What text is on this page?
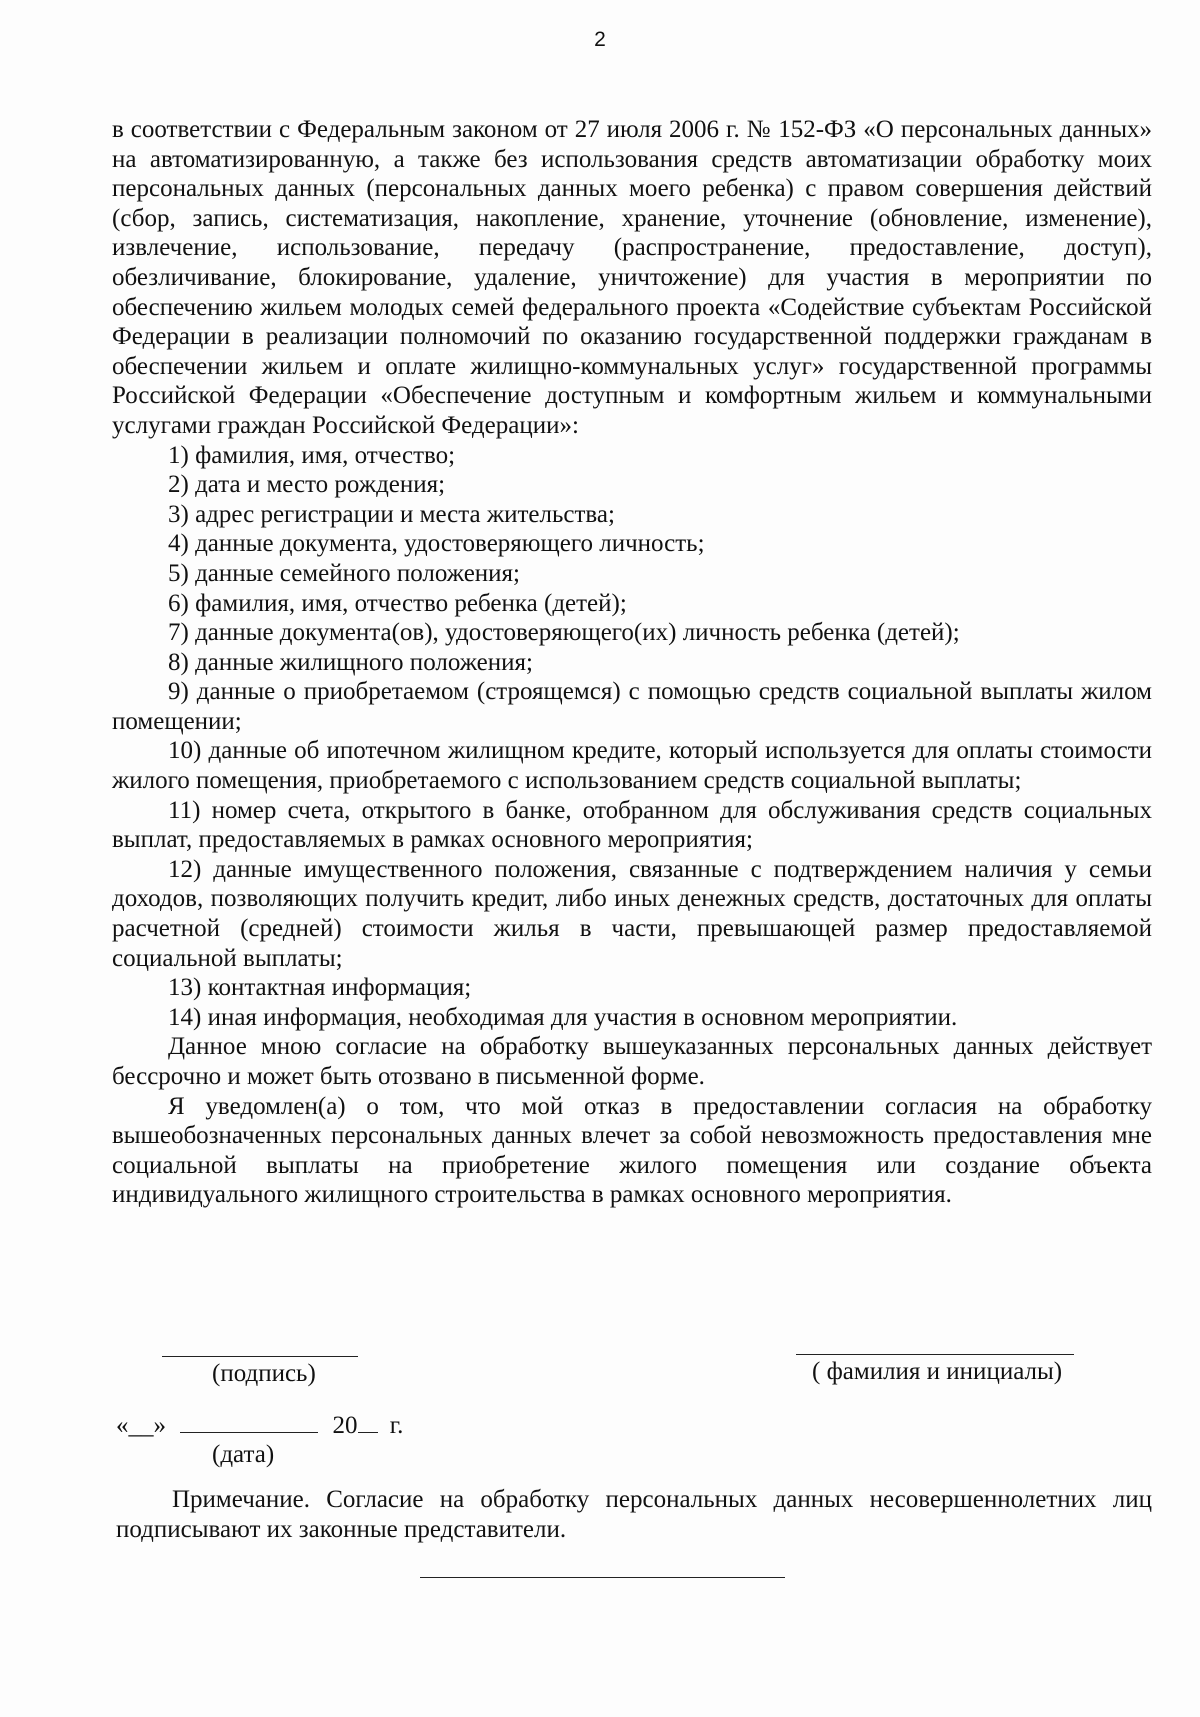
2

в соответствии с Федеральным законом от 27 июля 2006 г. № 152-ФЗ «О персональных данных» на автоматизированную, а также без использования средств автоматизации обработку моих персональных данных (персональных данных моего ребенка) с правом совершения действий (сбор, запись, систематизация, накопление, хранение, уточнение (обновление, изменение), извлечение, использование, передачу (распространение, предоставление, доступ), обезличивание, блокирование, удаление, уничтожение) для участия в мероприятии по обеспечению жильем молодых семей федерального проекта «Содействие субъектам Российской Федерации в реализации полномочий по оказанию государственной поддержки гражданам в обеспечении жильем и оплате жилищно-коммунальных услуг» государственной программы Российской Федерации «Обеспечение доступным и комфортным жильем и коммунальными услугами граждан Российской Федерации»:

1) фамилия, имя, отчество;

2) дата и место рождения;

3) адрес регистрации и места жительства;

4) данные документа, удостоверяющего личность;

5) данные семейного положения;

6) фамилия, имя, отчество ребенка (детей);

7) данные документа(ов), удостоверяющего(их) личность ребенка (детей);

8) данные жилищного положения;

9) данные о приобретаемом (строящемся) с помощью средств социальной выплаты жилом помещении;

10) данные об ипотечном жилищном кредите, который используется для оплаты стоимости жилого помещения, приобретаемого с использованием средств социальной выплаты;

11) номер счета, открытого в банке, отобранном для обслуживания средств социальных выплат, предоставляемых в рамках основного мероприятия;

12) данные имущественного положения, связанные с подтверждением наличия у семьи доходов, позволяющих получить кредит, либо иных денежных средств, достаточных для оплаты расчетной (средней) стоимости жилья в части, превышающей размер предоставляемой социальной выплаты;

13) контактная информация;

14) иная информация, необходимая для участия в основном мероприятии.

Данное мною согласие на обработку вышеуказанных персональных данных действует бессрочно и может быть отозвано в письменной форме.

Я уведомлен(а) о том, что мой отказ в предоставлении согласия на обработку вышеобозначенных персональных данных влечет за собой невозможность предоставления мне социальной выплаты на приобретение жилого помещения или создание объекта индивидуального жилищного строительства в рамках основного мероприятия.

(подпись)	( фамилия и инициалы)
«__»	20 г.
(дата)

Примечание. Согласие на обработку персональных данных несовершеннолетних лиц подписывают их законные представители.
